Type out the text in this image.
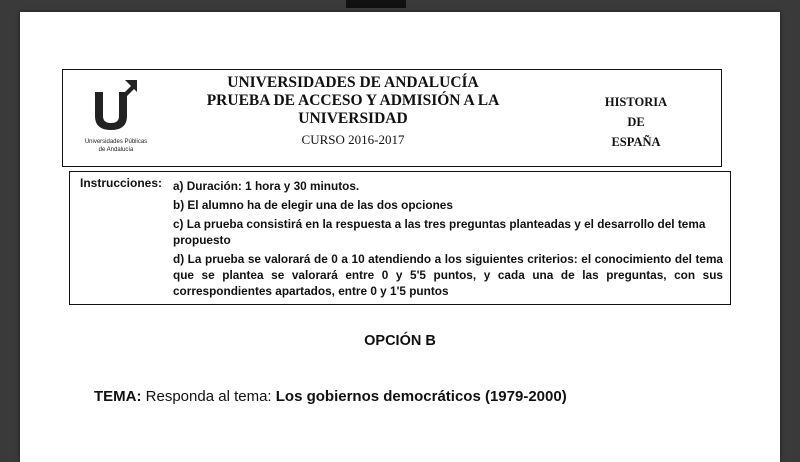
Universidades Públicas
de Andalucía
UNIVERSIDADES DE ANDALUCÍA
PRUEBA DE ACCESO Y ADMISIÓN A LA
UNIVERSIDAD
CURSO 2016-2017
HISTORIA
DE
ESPAÑA
Instrucciones: a) Duración: 1 hora y 30 minutos.
b) El alumno ha de elegir una de las dos opciones
c) La prueba consistirá en la respuesta a las tres preguntas planteadas y el desarrollo del tema propuesto
d) La prueba se valorará de 0 a 10 atendiendo a los siguientes criterios: el conocimiento del tema que se plantea se valorará entre 0 y 5'5 puntos, y cada una de las preguntas, con sus correspondientes apartados, entre 0 y 1'5 puntos
OPCIÓN B
TEMA: Responda al tema: Los gobiernos democráticos (1979-2000)
